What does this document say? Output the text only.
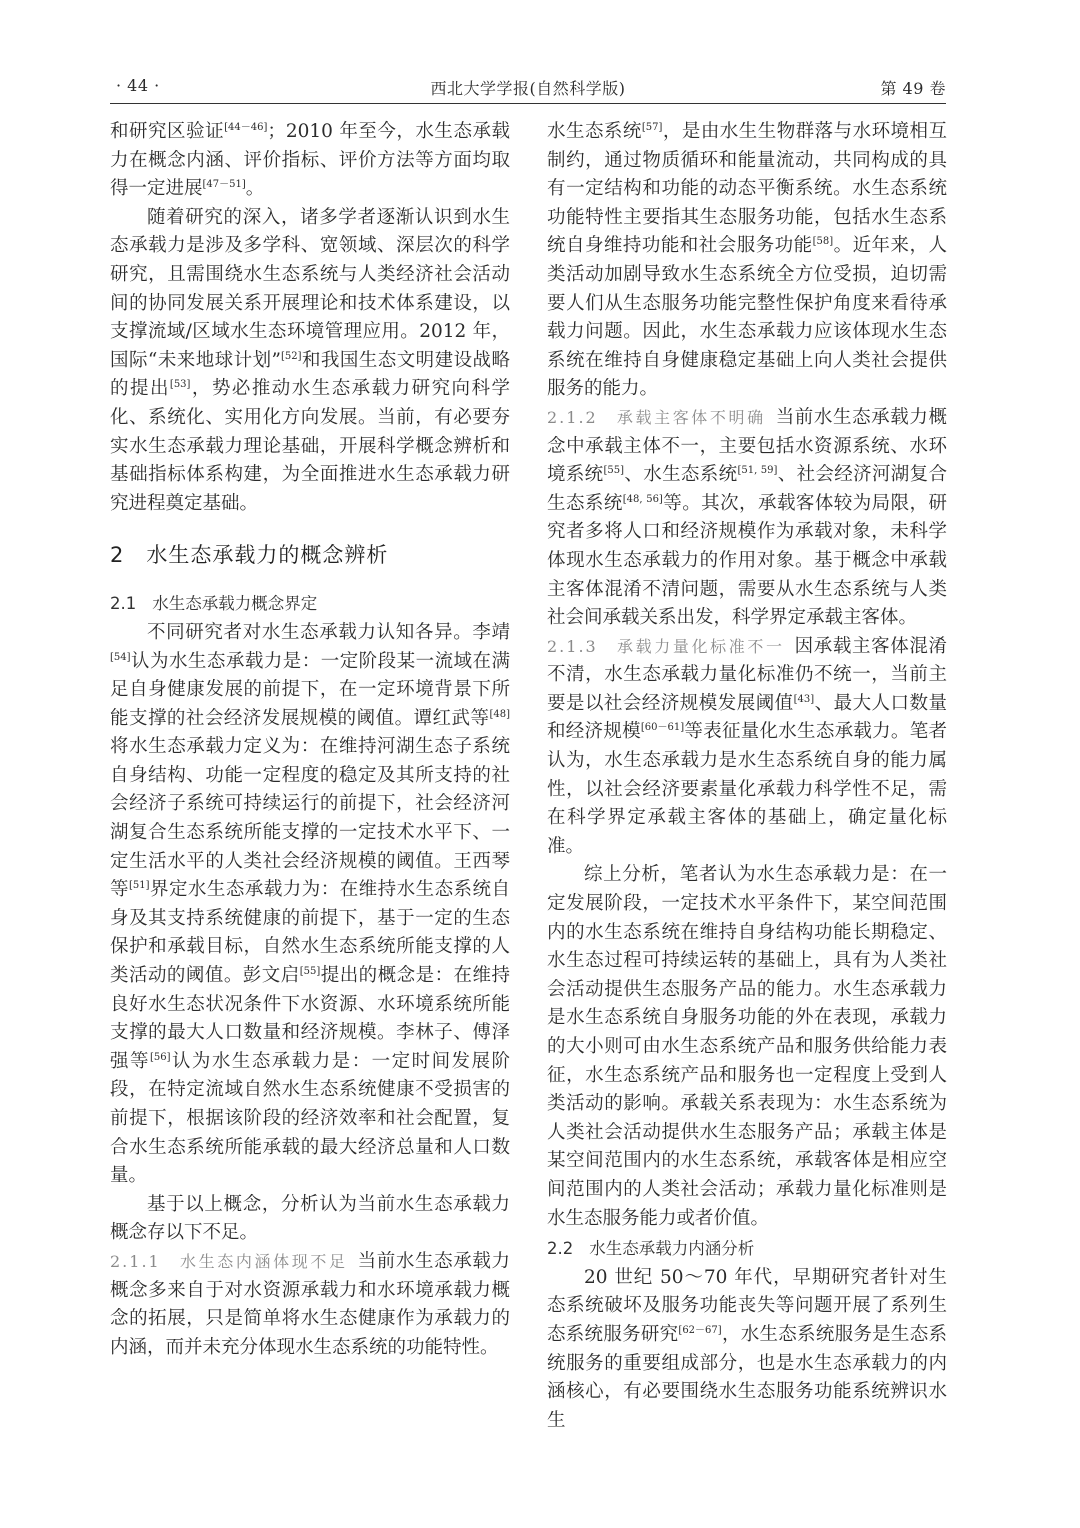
· 44 ·	西北大学学报(自然科学版)	第 49 卷

和研究区验证[44－46]；2010 年至今，水生态承载力在概念内涵、评价指标、评价方法等方面均取得一定进展[47－51]。

随着研究的深入，诸多学者逐渐认识到水生态承载力是涉及多学科、宽领域、深层次的科学研究，且需围绕水生态系统与人类经济社会活动间的协同发展关系开展理论和技术体系建设，以支撑流域/区域水生态环境管理应用。2012 年，国际“未来地球计划”[52]和我国生态文明建设战略的提出[53]，势必推动水生态承载力研究向科学化、系统化、实用化方向发展。当前，有必要夯实水生态承载力理论基础，开展科学概念辨析和基础指标体系构建，为全面推进水生态承载力研究进程奠定基础。

2 水生态承载力的概念辨析
2.1 水生态承载力概念界定

不同研究者对水生态承载力认知各异。李靖[54]认为水生态承载力是：一定阶段某一流域在满足自身健康发展的前提下，在一定环境背景下所能支撑的社会经济发展规模的阈值。谭红武等[48]将水生态承载力定义为：在维持河湖生态子系统自身结构、功能一定程度的稳定及其所支持的社会经济子系统可持续运行的前提下，社会经济河湖复合生态系统所能支撑的一定技术水平下、一定生活水平的人类社会经济规模的阈值。王西琴等[51]界定水生态承载力为：在维持水生态系统自身及其支持系统健康的前提下，基于一定的生态保护和承载目标，自然水生态系统所能支撑的人类活动的阈值。彭文启[55]提出的概念是：在维持良好水生态状况条件下水资源、水环境系统所能支撑的最大人口数量和经济规模。李林子、傅泽强等[56]认为水生态承载力是：一定时间发展阶段，在特定流域自然水生态系统健康不受损害的前提下，根据该阶段的经济效率和社会配置，复合水生态系统所能承载的最大经济总量和人口数量。

基于以上概念，分析认为当前水生态承载力概念存以下不足。

2.1.1　 水生态内涵体现不足 当前水生态承载力概念多来自于对水资源承载力和水环境承载力概念的拓展，只是简单将水生态健康作为承载力的内涵，而并未充分体现水生态系统的功能特性。

水生态系统[57]，是由水生生物群落与水环境相互制约，通过物质循环和能量流动，共同构成的具有一定结构和功能的动态平衡系统。水生态系统功能特性主要指其生态服务功能，包括水生态系统自身维持功能和社会服务功能[58]。近年来，人类活动加剧导致水生态系统全方位受损，迫切需要人们从生态服务功能完整性保护角度来看待承载力问题。因此，水生态承载力应该体现水生态系统在维持自身健康稳定基础上向人类社会提供服务的能力。

2.1.2　 承载主客体不明确 当前水生态承载力概念中承载主体不一，主要包括水资源系统、水环境系统[55]、水生态系统[51, 59]、社会经济河湖复合生态系统[48, 56]等。其次，承载客体较为局限，研究者多将人口和经济规模作为承载对象，未科学体现水生态承载力的作用对象。基于概念中承载主客体混淆不清问题，需要从水生态系统与人类社会间承载关系出发，科学界定承载主客体。

2.1.3　 承载力量化标准不一 因承载主客体混淆不清，水生态承载力量化标准仍不统一，当前主要是以社会经济规模发展阈值[43]、最大人口数量和经济规模[60－61]等表征量化水生态承载力。笔者认为，水生态承载力是水生态系统自身的能力属性，以社会经济要素量化承载力科学性不足，需在科学界定承载主客体的基础上，确定量化标准。

综上分析，笔者认为水生态承载力是：在一定发展阶段，一定技术水平条件下，某空间范围内的水生态系统在维持自身结构功能长期稳定、水生态过程可持续运转的基础上，具有为人类社会活动提供生态服务产品的能力。水生态承载力是水生态系统自身服务功能的外在表现，承载力的大小则可由水生态系统产品和服务供给能力表征，水生态系统产品和服务也一定程度上受到人类活动的影响。承载关系表现为：水生态系统为人类社会活动提供水生态服务产品；承载主体是某空间范围内的水生态系统，承载客体是相应空间范围内的人类社会活动；承载力量化标准则是水生态服务能力或者价值。

2.2 水生态承载力内涵分析

20 世纪 50～70 年代，早期研究者针对生态系统破坏及服务功能丧失等问题开展了系列生态系统服务研究[62－67]，水生态系统服务是生态系统服务的重要组成部分，也是水生态承载力的内涵核心，有必要围绕水生态服务功能系统辨识水生
